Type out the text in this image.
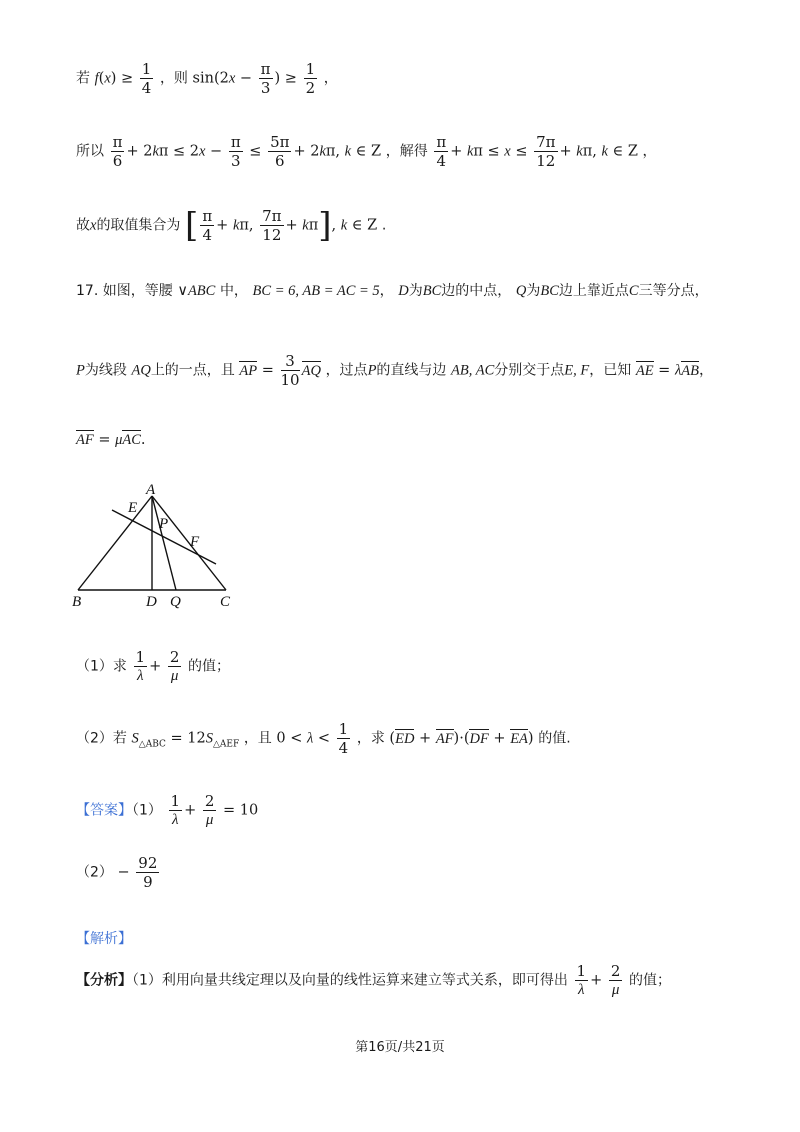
若 $f(x) \ge \frac{1}{4}$ ，则 $\sin(2x - \frac{\pi}{3}$ ) ≥ $\frac{1}{2}$ ，
所以 $\frac{\pi}{6} + 2k\pi \le 2x - \frac{\pi}{3} \le \frac{5\pi}{6} + 2k\pi$, k ∈ Z ，解得 $\frac{\pi}{4} + k\pi \le x \le \frac{7\pi}{12} + k\pi$, k ∈ Z ，
故x的取值集合为 [ $\frac{\pi}{4} + k\pi$, $\frac{7\pi}{12} + k\pi$], k ∈ Z .
17. 如图，等腰 ∨ABC 中， BC = 6, AB = AC = 5， D为BC边的中点， Q为BC边上靠近点C三等分点，
P为线段 AQ上的一点，且 AP = $\frac{3}{10}$ AQ ，过点P的直线与边 AB, AC分别交于点E, F，已知 AE = λAB，
AF = μAC.
A
B	C
D Q
E
P
F
（1）求 $\frac{1}{\lambda} + \frac{2}{\mu}$ 的值；
（2）若 $S_{\triangle ABC} = 12S_{\triangle AEF}$ ，且 $0 < \lambda < \frac{1}{4}$ ，求 (ED + AF)·(DF + EA) 的值.
【答案】$(1) \frac{1}{\lambda} + \frac{2}{\mu} = 10$
$(2) - \frac{92}{9}$
【解析】
【分析】（1）利用向量共线定理以及向量的线性运算来建立等式关系，即可得出 $\frac{1}{\lambda} + \frac{2}{\mu}$ 的值；
第16页/共21页
